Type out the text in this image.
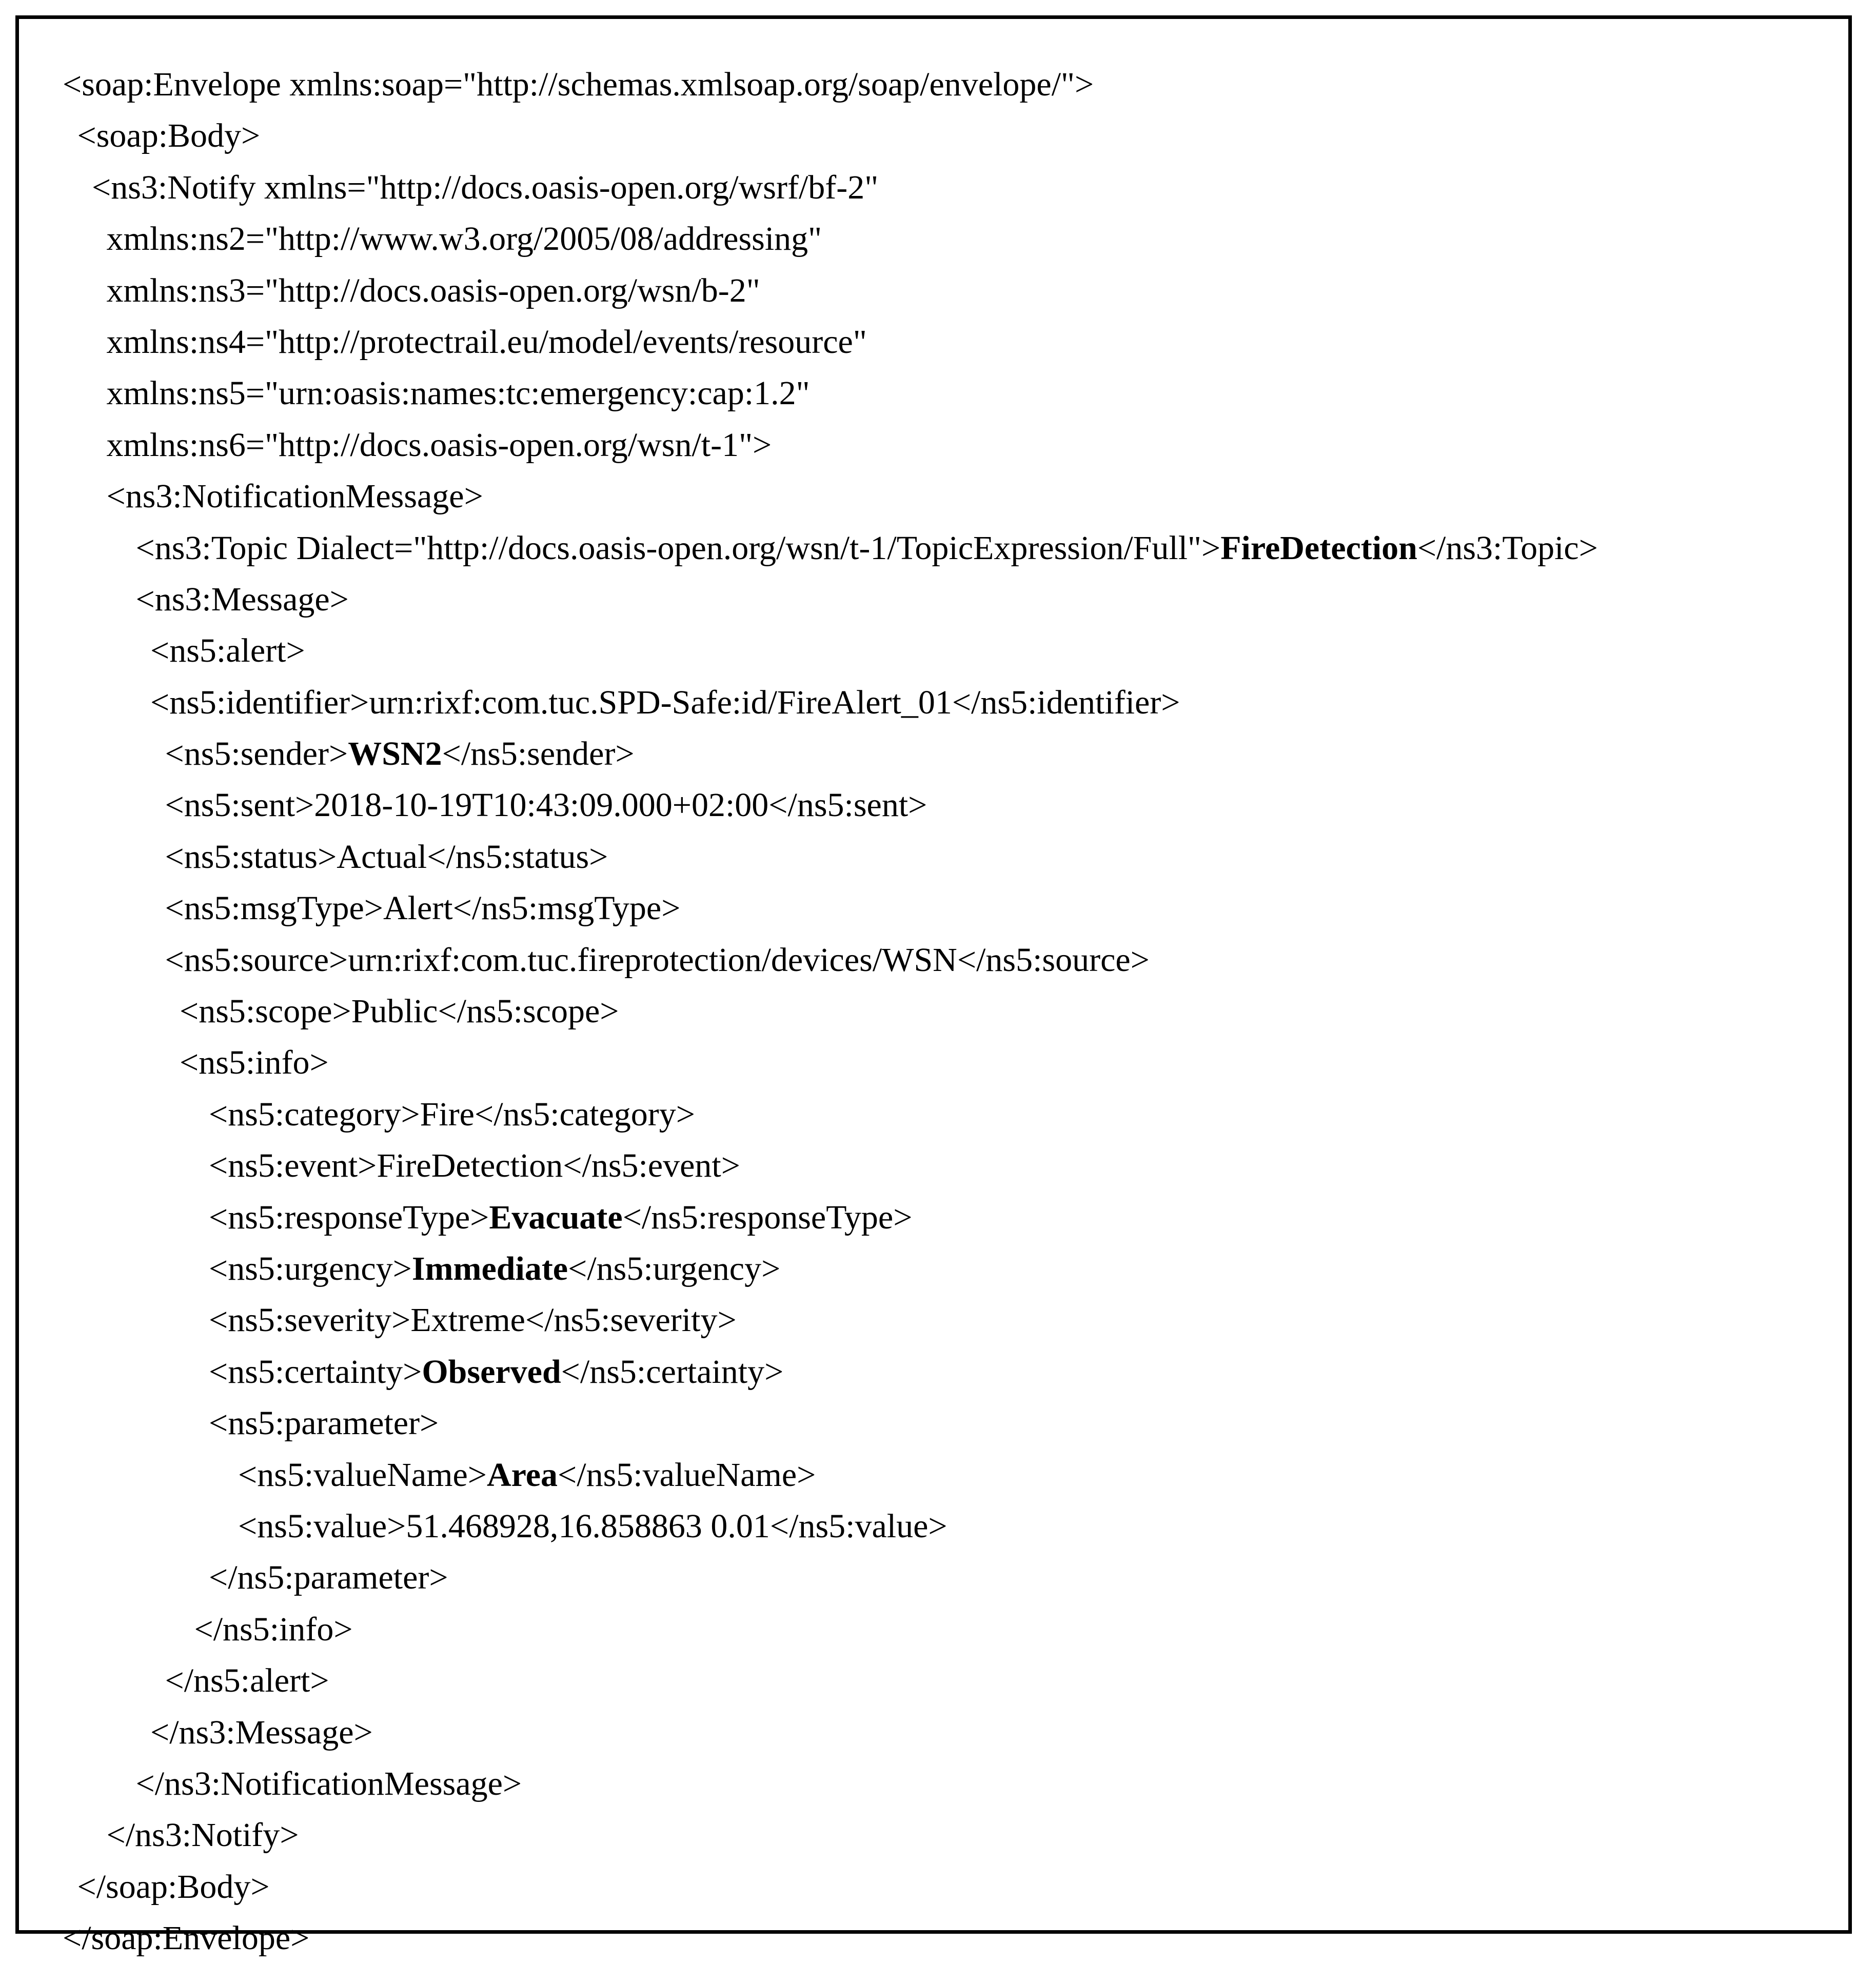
<soap:Envelope xmlns:soap="http://schemas.xmlsoap.org/soap/envelope/">
<soap:Body>
<ns3:Notify xmlns="http://docs.oasis-open.org/wsrf/bf-2"
xmlns:ns2="http://www.w3.org/2005/08/addressing"
xmlns:ns3="http://docs.oasis-open.org/wsn/b-2"
xmlns:ns4="http://protectrail.eu/model/events/resource"
xmlns:ns5="urn:oasis:names:tc:emergency:cap:1.2"
xmlns:ns6="http://docs.oasis-open.org/wsn/t-1">
<ns3:NotificationMessage>
<ns3:Topic Dialect="http://docs.oasis-open.org/wsn/t-1/TopicExpression/Full">FireDetection</ns3:Topic>
<ns3:Message>
<ns5:alert>
<ns5:identifier>urn:rixf:com.tuc.SPD-Safe:id/FireAlert_01</ns5:identifier>
<ns5:sender>WSN2</ns5:sender>
<ns5:sent>2018-10-19T10:43:09.000+02:00</ns5:sent>
<ns5:status>Actual</ns5:status>
<ns5:msgType>Alert</ns5:msgType>
<ns5:source>urn:rixf:com.tuc.fireprotection/devices/WSN</ns5:source>
<ns5:scope>Public</ns5:scope>
<ns5:info>
<ns5:category>Fire</ns5:category>
<ns5:event>FireDetection</ns5:event>
<ns5:responseType>Evacuate</ns5:responseType>
<ns5:urgency>Immediate</ns5:urgency>
<ns5:severity>Extreme</ns5:severity>
<ns5:certainty>Observed</ns5:certainty>
<ns5:parameter>
<ns5:valueName>Area</ns5:valueName>
<ns5:value>51.468928,16.858863 0.01</ns5:value>
</ns5:parameter>
</ns5:info>
</ns5:alert>
</ns3:Message>
</ns3:NotificationMessage>
</ns3:Notify>
</soap:Body>
</soap:Envelope>
